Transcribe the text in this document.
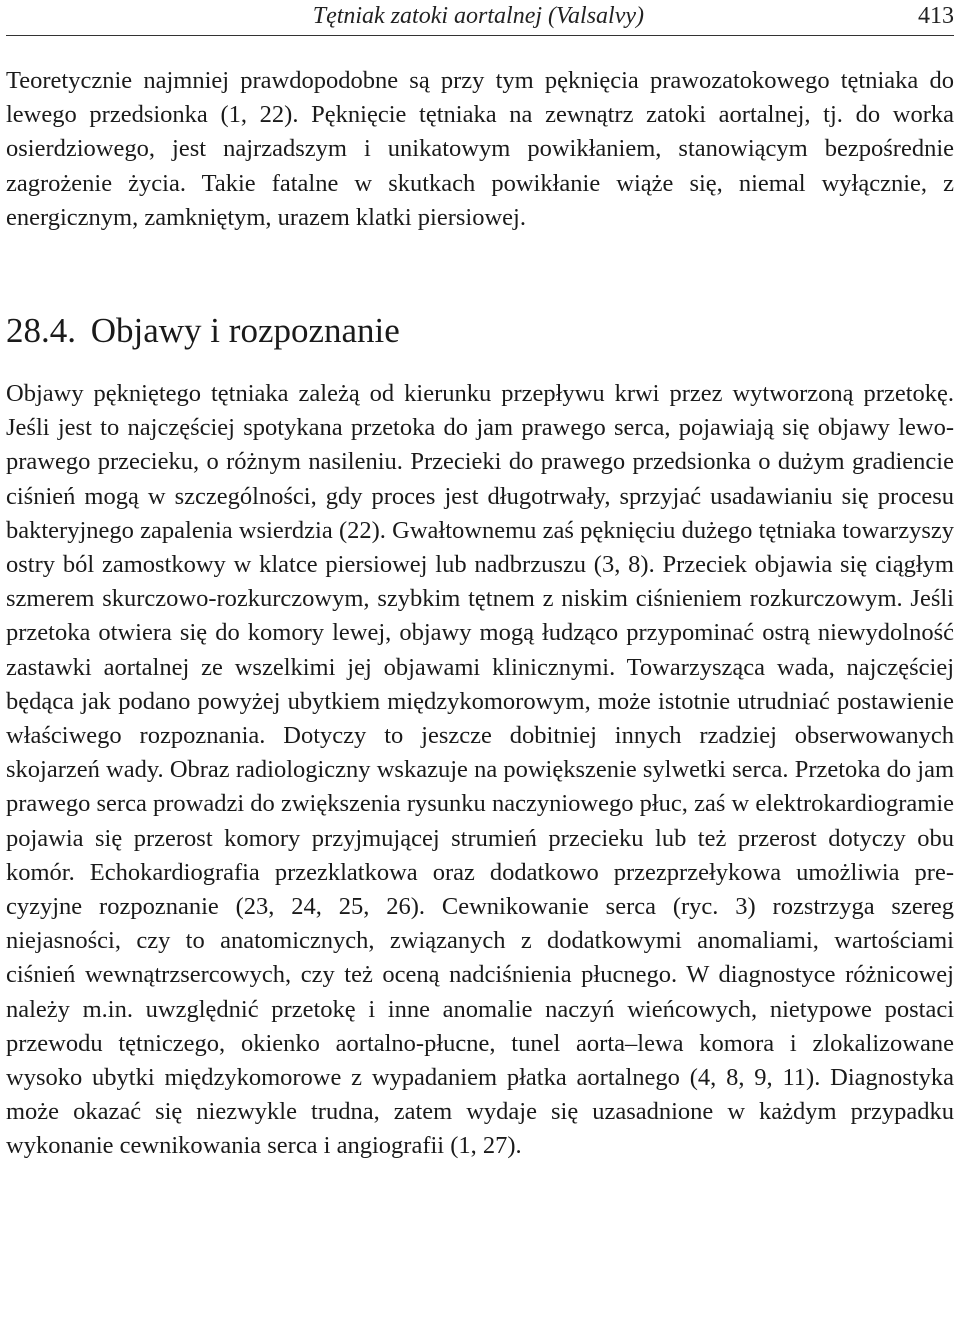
Tętniak zatoki aortalnej (Valsalvy)	413

Teoretycznie najmniej prawdopodobne są przy tym pęknięcia prawozatokowego tętniaka do lewego przedsionka (1, 22). Pęknięcie tętniaka na zewnątrz zatoki aortalnej, tj. do worka osierdziowego, jest najrzadszym i unikatowym powikłaniem, stanowiącym bezpośrednie zagrożenie życia. Takie fatalne w skutkach powikłanie wiąże się, niemal wyłącznie, z energicznym, zamkniętym, urazem klatki piersiowej.

28.4. Objawy i rozpoznanie

Objawy pękniętego tętniaka zależą od kierunku przepływu krwi przez wytworzoną przetokę. Jeśli jest to najczęściej spotykana przetoka do jam prawego serca, pojawiają się objawy lewo-prawego przecieku, o różnym nasileniu. Przecieki do prawego przedsionka o dużym gradiencie ciśnień mogą w szczególności, gdy proces jest długotrwały, sprzyjać usadawianiu się procesu bakteryjnego zapalenia wsierdzia (22). Gwałtownemu zaś pęknięciu dużego tętniaka towarzyszy ostry ból zamostkowy w klatce piersiowej lub nadbrzuszu (3, 8). Przeciek objawia się ciągłym szmerem skurczowo-rozkurczowym, szybkim tętnem z niskim ciśnieniem rozkurczowym. Jeśli przetoka otwiera się do komory lewej, objawy mogą łudząco przypominać ostrą niewydolność zastawki aortalnej ze wszelkimi jej objawami klinicznymi. Towarzysząca wada, najczęściej będąca jak podano powyżej ubytkiem międzykomorowym, może istotnie utrudniać postawienie właściwego rozpoznania. Dotyczy to jeszcze dobitniej innych rzadziej obserwowanych skojarzeń wady. Obraz radiologiczny wskazuje na powiększenie sylwetki serca. Przetoka do jam prawego serca prowadzi do zwiększenia rysunku naczyniowego płuc, zaś w elektrokardiogramie pojawia się przerost komory przyjmującej strumień przecieku lub też przerost dotyczy obu komór. Echokardiografia przezklatkowa oraz dodatkowo przezprzełykowa umożliwia precyzyjne rozpoznanie (23, 24, 25, 26). Cewnikowanie serca (ryc. 3) rozstrzyga szereg niejasności, czy to anatomicznych, związanych z dodatkowymi anomaliami, wartościami ciśnień wewnątrzsercowych, czy też oceną nadciśnienia płucnego. W diagnostyce różnicowej należy m.in. uwzględnić przetokę i inne anomalie naczyń wieńcowych, nietypowe postaci przewodu tętniczego, okienko aortalno-płucne, tunel aorta–lewa komora i zlokalizowane wysoko ubytki międzykomorowe z wypadaniem płatka aortalnego (4, 8, 9, 11). Diagnostyka może okazać się niezwykle trudna, zatem wydaje się uzasadnione w każdym przypadku wykonanie cewnikowania serca i angiografii (1, 27).
